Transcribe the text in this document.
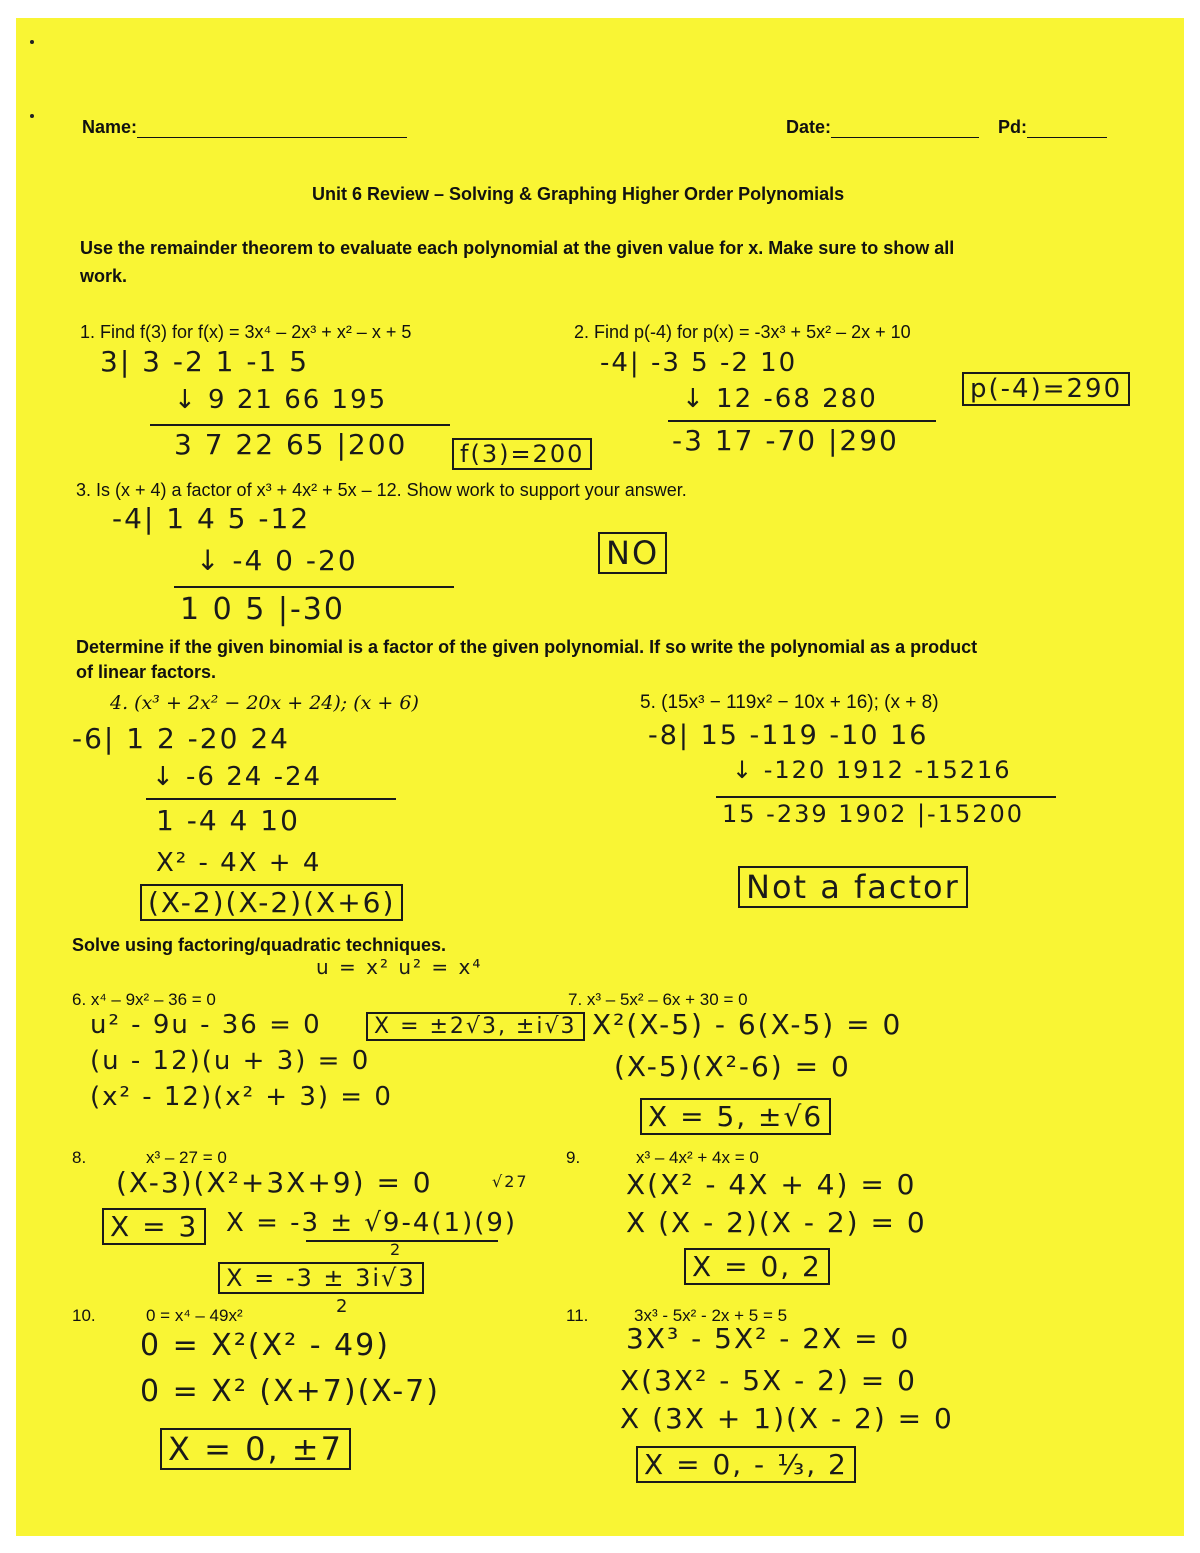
Name:	Date:	Pd:
Unit 6 Review – Solving & Graphing Higher Order Polynomials
Use the remainder theorem to evaluate each polynomial at the given value for x. Make sure to show all
work.
1. Find f(3) for f(x) = 3x⁴ – 2x³ + x² – x + 5
3| 3 -2 1 -1 5
↓ 9 21 66 195
3 7 22 65 |200	f(3)=200
2. Find p(-4) for p(x) = -3x³ + 5x² – 2x + 10
-4| -3 5 -2 10
↓ 12 -68 280
-3 17 -70 |290
p(-4)=290
3. Is (x + 4) a factor of x³ + 4x² + 5x – 12. Show work to support your answer.
-4| 1 4 5 -12
↓ -4 0 -20
1 0 5 |-30
NO
Determine if the given binomial is a factor of the given polynomial. If so write the polynomial as a product
of linear factors.
4. (x³ + 2x² − 20x + 24); (x + 6)
-6| 1 2 -20 24
↓ -6 24 -24
1 -4 4 10
X² - 4X + 4
(X-2)(X-2)(X+6)
5. (15x³ − 119x² − 10x + 16); (x + 8)
-8| 15 -119 -10 16
↓ -120 1912 -15216
15 -239 1902 |-15200
Not a factor
Solve using factoring/quadratic techniques.
u = x² u² = x⁴
6. x⁴ – 9x² – 36 = 0
u² - 9u - 36 = 0
(u - 12)(u + 3) = 0
(x² - 12)(x² + 3) = 0
X = ±2√3, ±i√3
7. x³ – 5x² – 6x + 30 = 0
X²(X-5) - 6(X-5) = 0
(X-5)(X²-6) = 0
X = 5, ±√6
8.	x³ – 27 = 0
(X-3)(X²+3X+9) = 0	√27
X = 3	X = -3 ± √9-4(1)(9)
2
X = -3 ± 3i√3
2
9.	x³ – 4x² + 4x = 0
X(X² - 4X + 4) = 0
X (X - 2)(X - 2) = 0
X = 0, 2
10.	0 = x⁴ – 49x²
0 = X²(X² - 49)
0 = X² (X+7)(X-7)
X = 0, ±7
11.	3x³ - 5x² - 2x + 5 = 5
3X³ - 5X² - 2X = 0
X(3X² - 5X - 2) = 0
X (3X + 1)(X - 2) = 0
X = 0, - ⅓, 2
